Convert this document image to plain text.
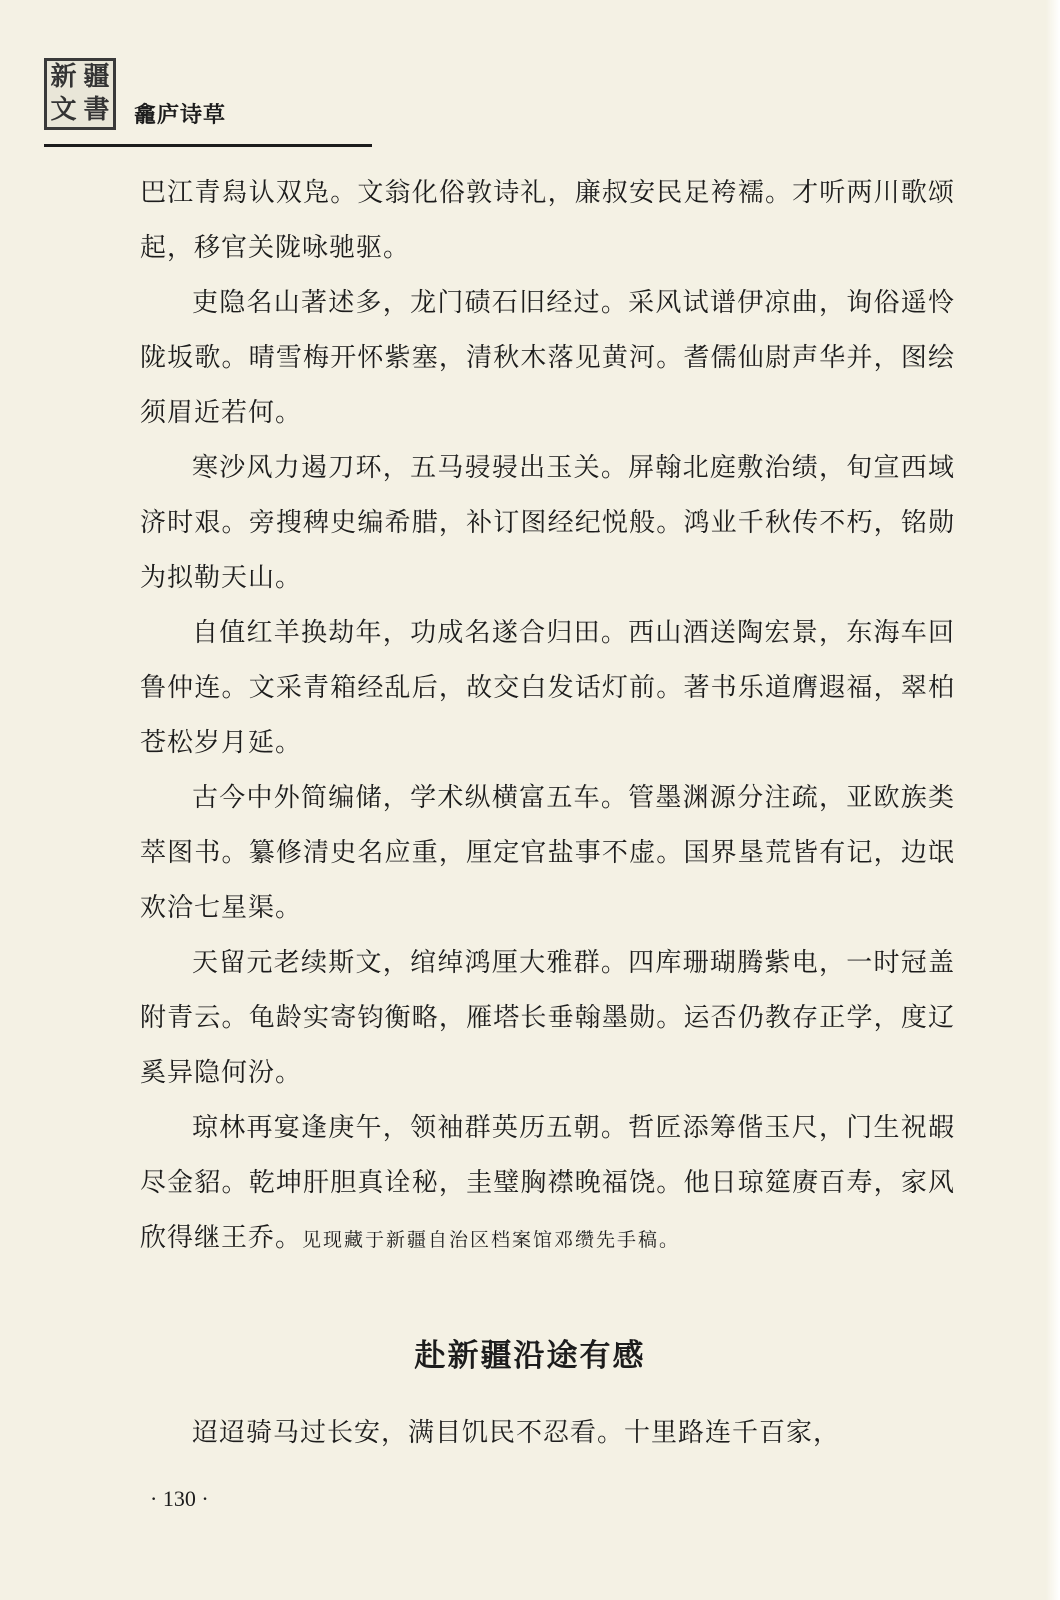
新 疆
文 書 龕庐诗草

巴江青舄认双凫。文翁化俗敦诗礼，廉叔安民足袴襦。才听两川歌颂起，移官关陇咏驰驱。

吏隐名山著述多，龙门碛石旧经过。采风试谱伊凉曲，询俗遥怜陇坂歌。晴雪梅开怀紫塞，清秋木落见黄河。耆儒仙尉声华并，图绘须眉近若何。

寒沙风力遏刀环，五马骎骎出玉关。屏翰北庭敷治绩，旬宣西域济时艰。旁搜稗史编希腊，补订图经纪悦般。鸿业千秋传不朽，铭勋为拟勒天山。

自值红羊换劫年，功成名遂合归田。西山酒送陶宏景，东海车回鲁仲连。文采青箱经乱后，故交白发话灯前。著书乐道膺遐福，翠柏苍松岁月延。

古今中外简编储，学术纵横富五车。管墨渊源分注疏，亚欧族类萃图书。纂修清史名应重，厘定官盐事不虚。国界垦荒皆有记，边氓欢洽七星渠。

天留元老续斯文，绾绰鸿厘大雅群。四库珊瑚腾紫电，一时冠盖附青云。龟龄实寄钧衡略，雁塔长垂翰墨勋。运否仍教存正学，度辽奚异隐何汾。

琼林再宴逢庚午，领袖群英历五朝。哲匠添筹偕玉尺，门生祝嘏尽金貂。乾坤肝胆真诠秘，圭璧胸襟晚福饶。他日琼筵赓百寿，家风欣得继王乔。见现藏于新疆自治区档案馆邓缵先手稿。

赴新疆沿途有感

迢迢骑马过长安，满目饥民不忍看。十里路连千百家，

· 130 ·
